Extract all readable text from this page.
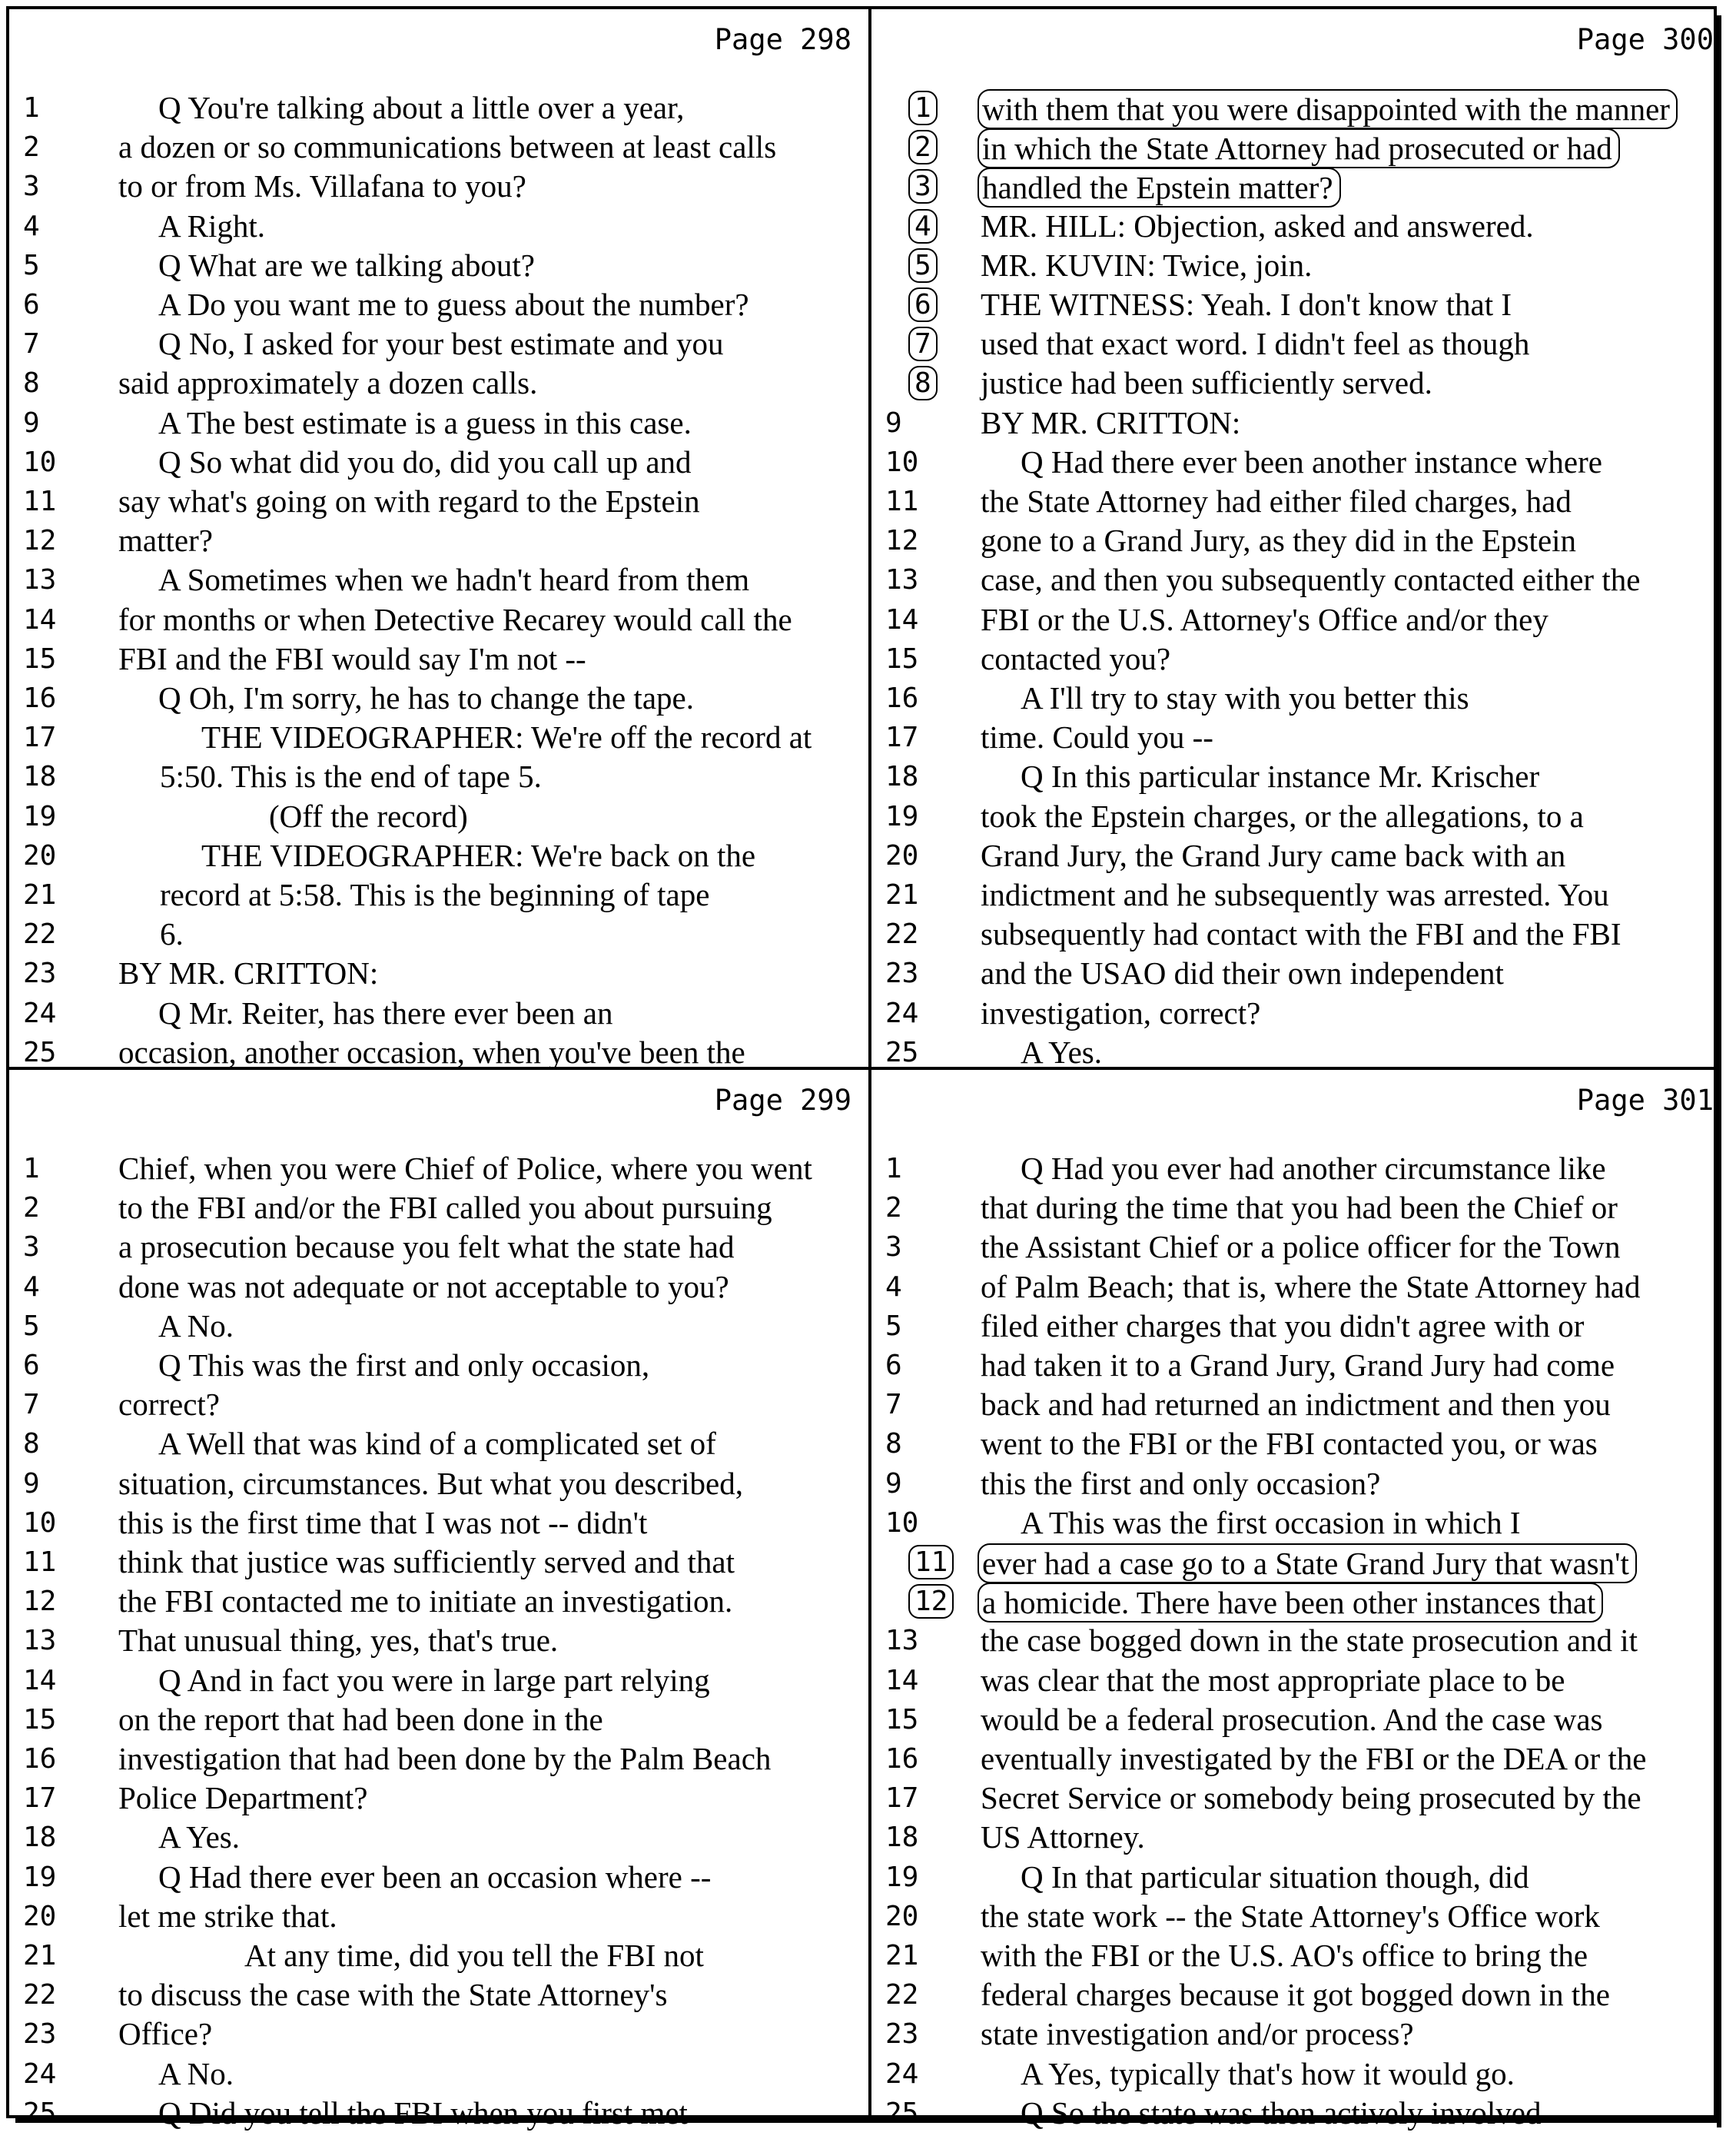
Page 298
1	Q You're talking about a little over a year,
2	a dozen or so communications between at least calls
3	to or from Ms. Villafana to you?
4	A Right.
5	Q What are we talking about?
6	A Do you want me to guess about the number?
7	Q No, I asked for your best estimate and you
8	said approximately a dozen calls.
9	A The best estimate is a guess in this case.
10	Q So what did you do, did you call up and
11	say what's going on with regard to the Epstein
12	matter?
13	A Sometimes when we hadn't heard from them
14	for months or when Detective Recarey would call the
15	FBI and the FBI would say I'm not --
16	Q Oh, I'm sorry, he has to change the tape.
17	THE VIDEOGRAPHER: We're off the record at
18	5:50. This is the end of tape 5.
19	(Off the record)
20	THE VIDEOGRAPHER: We're back on the
21	record at 5:58. This is the beginning of tape
22	6.
23	BY MR. CRITTON:
24	Q Mr. Reiter, has there ever been an
25	occasion, another occasion, when you've been the
Page 300
1 with them that you were disappointed with the manner
2 in which the State Attorney had prosecuted or had
3 handled the Epstein matter?
4 MR. HILL: Objection, asked and answered.
5 MR. KUVIN: Twice, join.
6 THE WITNESS: Yeah. I don't know that I
7 used that exact word. I didn't feel as though
8 justice had been sufficiently served.
9	BY MR. CRITTON:
10	Q Had there ever been another instance where
11	the State Attorney had either filed charges, had
12	gone to a Grand Jury, as they did in the Epstein
13	case, and then you subsequently contacted either the
14	FBI or the U.S. Attorney's Office and/or they
15	contacted you?
16	A I'll try to stay with you better this
17	time. Could you --
18	Q In this particular instance Mr. Krischer
19	took the Epstein charges, or the allegations, to a
20	Grand Jury, the Grand Jury came back with an
21	indictment and he subsequently was arrested. You
22	subsequently had contact with the FBI and the FBI
23	and the USAO did their own independent
24	investigation, correct?
25	A Yes.
Page 299
1	Chief, when you were Chief of Police, where you went
2	to the FBI and/or the FBI called you about pursuing
3	a prosecution because you felt what the state had
4	done was not adequate or not acceptable to you?
5	A No.
6	Q This was the first and only occasion,
7	correct?
8	A Well that was kind of a complicated set of
9	situation, circumstances. But what you described,
10	this is the first time that I was not -- didn't
11	think that justice was sufficiently served and that
12	the FBI contacted me to initiate an investigation.
13	That unusual thing, yes, that's true.
14	Q And in fact you were in large part relying
15	on the report that had been done in the
16	investigation that had been done by the Palm Beach
17	Police Department?
18	A Yes.
19	Q Had there ever been an occasion where --
20	let me strike that.
21	At any time, did you tell the FBI not
22	to discuss the case with the State Attorney's
23	Office?
24	A No.
25	Q Did you tell the FBI when you first met
Page 301
1	Q Had you ever had another circumstance like
2	that during the time that you had been the Chief or
3	the Assistant Chief or a police officer for the Town
4	of Palm Beach; that is, where the State Attorney had
5	filed either charges that you didn't agree with or
6	had taken it to a Grand Jury, Grand Jury had come
7	back and had returned an indictment and then you
8	went to the FBI or the FBI contacted you, or was
9	this the first and only occasion?
10	A This was the first occasion in which I
11 ever had a case go to a State Grand Jury that wasn't
12 a homicide. There have been other instances that
13	the case bogged down in the state prosecution and it
14	was clear that the most appropriate place to be
15	would be a federal prosecution. And the case was
16	eventually investigated by the FBI or the DEA or the
17	Secret Service or somebody being prosecuted by the
18	US Attorney.
19	Q In that particular situation though, did
20	the state work -- the State Attorney's Office work
21	with the FBI or the U.S. AO's office to bring the
22	federal charges because it got bogged down in the
23	state investigation and/or process?
24	A Yes, typically that's how it would go.
25	Q So the state was then actively involved
